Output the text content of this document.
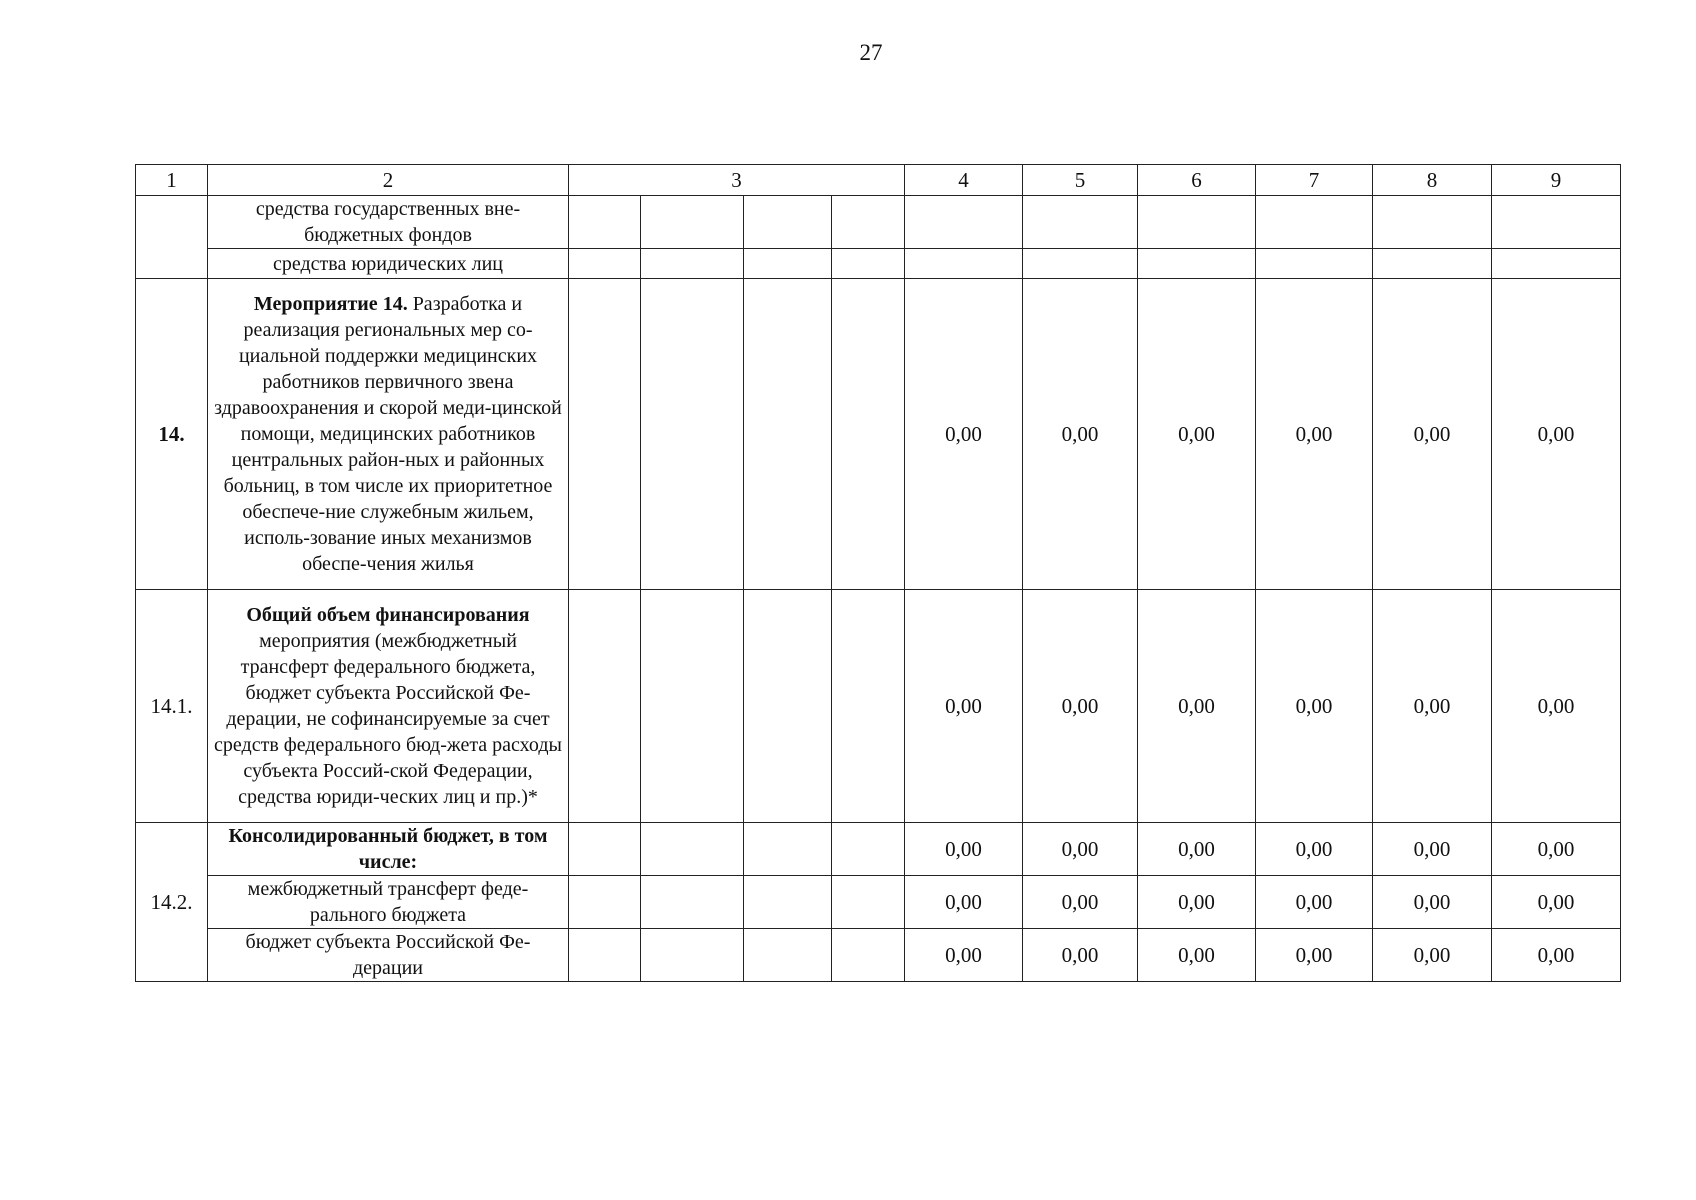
27
1	2	3				4	5	6	7	8	9
	средства государственных вне-бюджетных фондов										
	средства юридических лиц										
14.	Мероприятие 14. Разработка и реализация региональных мер со-циальной поддержки медицинских работников первичного звена здравоохранения и скорой меди-цинской помощи, медицинских работников центральных район-ных и районных больниц, в том числе их приоритетное обеспече-ние служебным жильем, исполь-зование иных механизмов обеспе-чения жилья					0,00	0,00	0,00	0,00	0,00	0,00
14.1.	Общий объем финансирования мероприятия (межбюджетный трансферт федерального бюджета, бюджет субъекта Российской Фе-дерации, не софинансируемые за счет средств федерального бюд-жета расходы субъекта Россий-ской Федерации, средства юриди-ческих лиц и пр.)*					0,00	0,00	0,00	0,00	0,00	0,00
14.2.	Консолидированный бюджет, в том числе:					0,00	0,00	0,00	0,00	0,00	0,00
	межбюджетный трансферт феде-рального бюджета					0,00	0,00	0,00	0,00	0,00	0,00
	бюджет субъекта Российской Фе-дерации					0,00	0,00	0,00	0,00	0,00	0,00
